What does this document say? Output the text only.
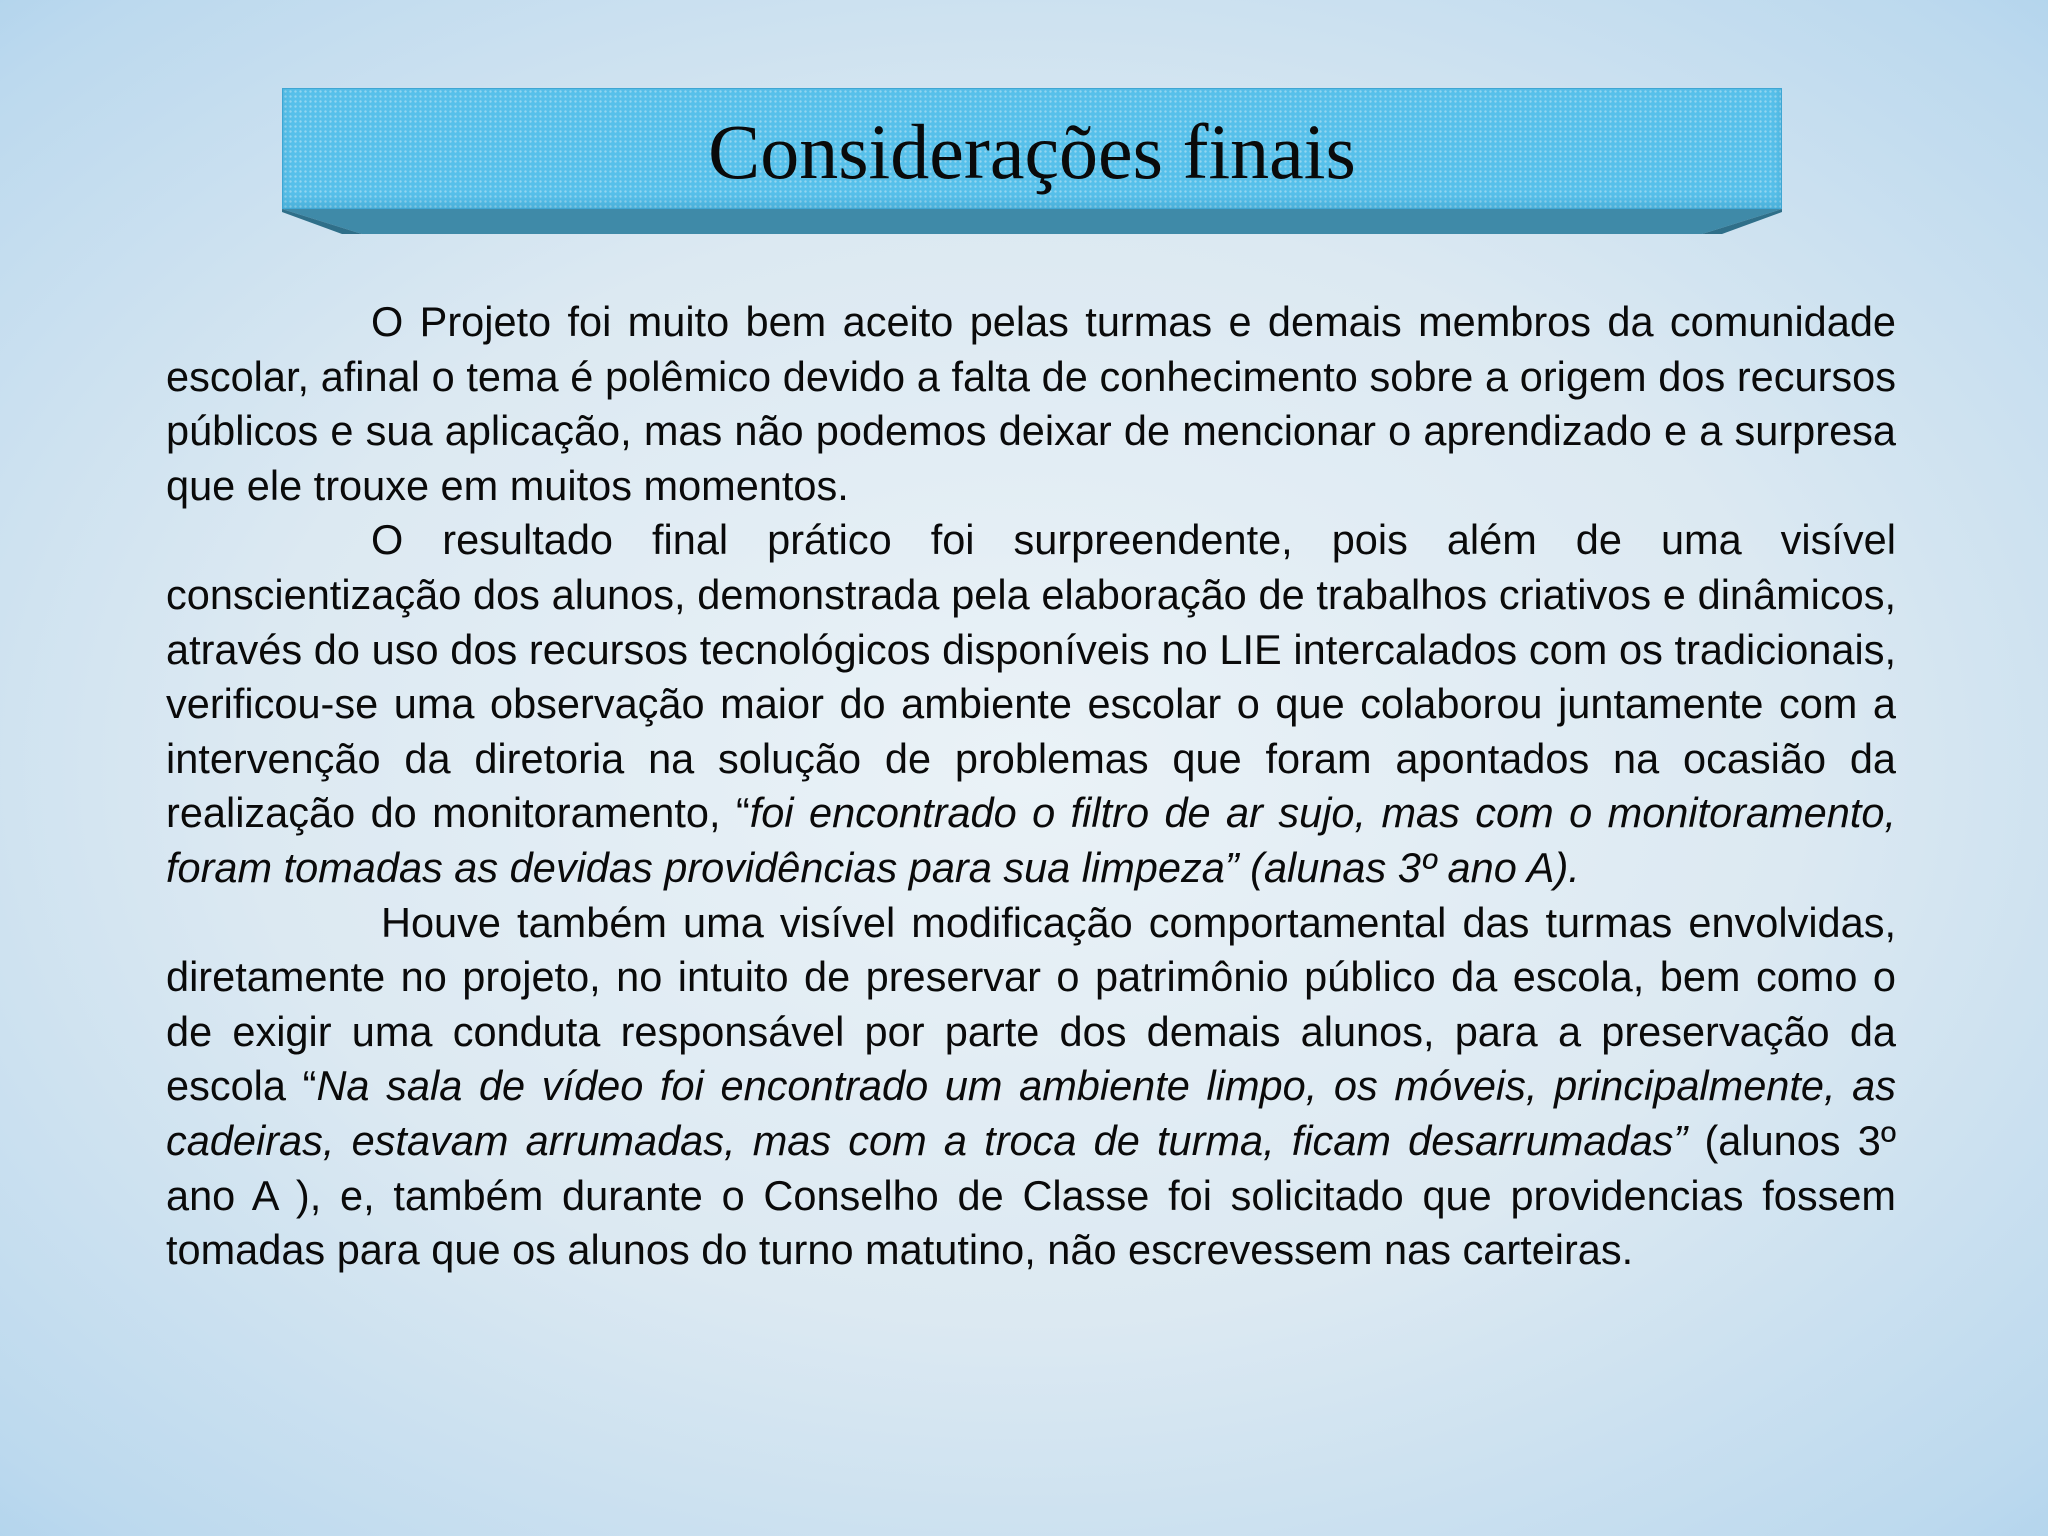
Considerações finais

O Projeto foi muito bem aceito pelas turmas e demais membros da comunidade escolar, afinal o tema é polêmico devido a falta de conhecimento sobre a origem dos recursos públicos e sua aplicação, mas não podemos deixar de mencionar o aprendizado e a surpresa que ele trouxe em muitos momentos.

O resultado final prático foi surpreendente, pois além de uma visível conscientização dos alunos, demonstrada pela elaboração de trabalhos criativos e dinâmicos, através do uso dos recursos tecnológicos disponíveis no LIE intercalados com os tradicionais, verificou-se uma observação maior do ambiente escolar o que colaborou juntamente com a intervenção da diretoria na solução de problemas que foram apontados na ocasião da realização do monitoramento, “foi encontrado o filtro de ar sujo, mas com o monitoramento, foram tomadas as devidas providências para sua limpeza” (alunas 3º ano A).

Houve também uma visível modificação comportamental das turmas envolvidas, diretamente no projeto, no intuito de preservar o patrimônio público da escola, bem como o de exigir uma conduta responsável por parte dos demais alunos, para a preservação da escola “Na sala de vídeo foi encontrado um ambiente limpo, os móveis, principalmente, as cadeiras, estavam arrumadas, mas com a troca de turma, ficam desarrumadas” (alunos 3º ano A ), e, também durante o Conselho de Classe foi solicitado que providencias fossem tomadas para que os alunos do turno matutino, não escrevessem nas carteiras.
